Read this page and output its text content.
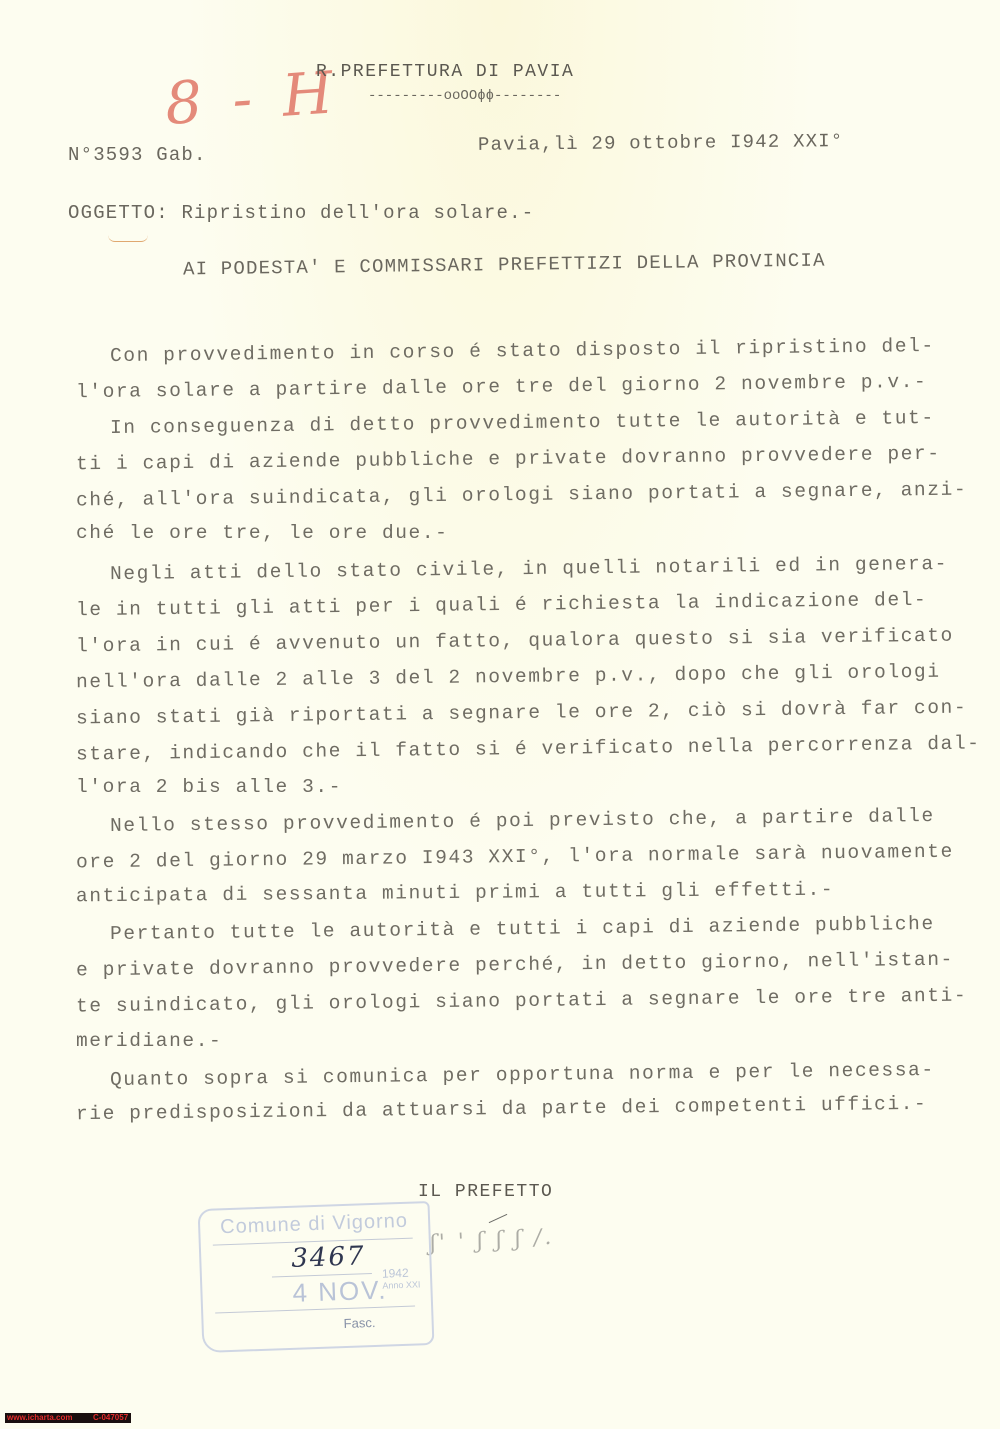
8 - H
R.PREFETTURA DI PAVIA
---------ooOOϕϕ--------
N°3593 Gab.	Pavia,lì 29 ottobre I942 XXI°
OGGETTO: Ripristino dell'ora solare.-
AI PODESTA' E COMMISSARI PREFETTIZI DELLA PROVINCIA
Con provvedimento in corso é stato disposto il ripristino del-
l'ora solare a partire dalle ore tre del giorno 2 novembre p.v.-
In conseguenza di detto provvedimento tutte le autorità e tut-
ti i capi di aziende pubbliche e private dovranno provvedere per-
ché, all'ora suindicata, gli orologi siano portati a segnare, anzi-
ché le ore tre, le ore due.-
Negli atti dello stato civile, in quelli notarili ed in genera-
le in tutti gli atti per i quali é richiesta la indicazione del-
l'ora in cui é avvenuto un fatto, qualora questo si sia verificato
nell'ora dalle 2 alle 3 del 2 novembre p.v., dopo che gli orologi
siano stati già riportati a segnare le ore 2, ciò si dovrà far con-
stare, indicando che il fatto si é verificato nella percorrenza dal-
l'ora 2 bis alle 3.-
Nello stesso provvedimento é poi previsto che, a partire dalle
ore 2 del giorno 29 marzo I943 XXI°, l'ora normale sarà nuovamente
anticipata di sessanta minuti primi a tutti gli effetti.-
Pertanto tutte le autorità e tutti i capi di aziende pubbliche
e private dovranno provvedere perché, in detto giorno, nell'istan-
te suindicato, gli orologi siano portati a segnare le ore tre anti-
meridiane.-
Quanto sopra si comunica per opportuna norma e per le necessa-
rie predisposizioni da attuarsi da parte dei competenti uffici.-
IL PREFETTO
ʃ' ' ʃ ʃ ʃ /.
Comune di Vigorno
3467
4 NOV.
1942
Anno XXI
Fasc.
www.icharta.com	C-047057
